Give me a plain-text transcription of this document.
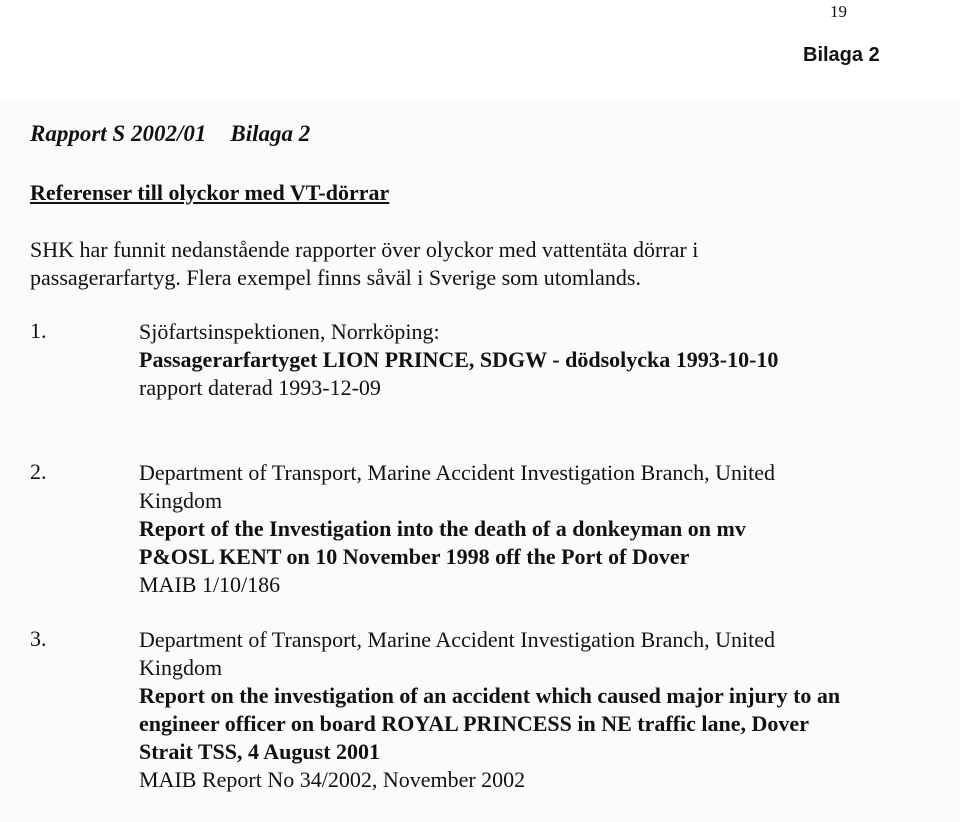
19
Bilaga 2
Rapport S 2002/01 Bilaga 2
Referenser till olyckor med VT-dörrar
SHK har funnit nedanstående rapporter över olyckor med vattentäta dörrar i
passagerarfartyg. Flera exempel finns såväl i Sverige som utomlands.
1.	Sjöfartsinspektionen, Norrköping:
Passagerarfartyget LION PRINCE, SDGW - dödsolycka 1993-10-10
rapport daterad 1993-12-09
2.	Department of Transport, Marine Accident Investigation Branch, United
Kingdom
Report of the Investigation into the death of a donkeyman on mv
P&OSL KENT on 10 November 1998 off the Port of Dover
MAIB 1/10/186
3.	Department of Transport, Marine Accident Investigation Branch, United
Kingdom
Report on the investigation of an accident which caused major injury to an
engineer officer on board ROYAL PRINCESS in NE traffic lane, Dover
Strait TSS, 4 August 2001
MAIB Report No 34/2002, November 2002
